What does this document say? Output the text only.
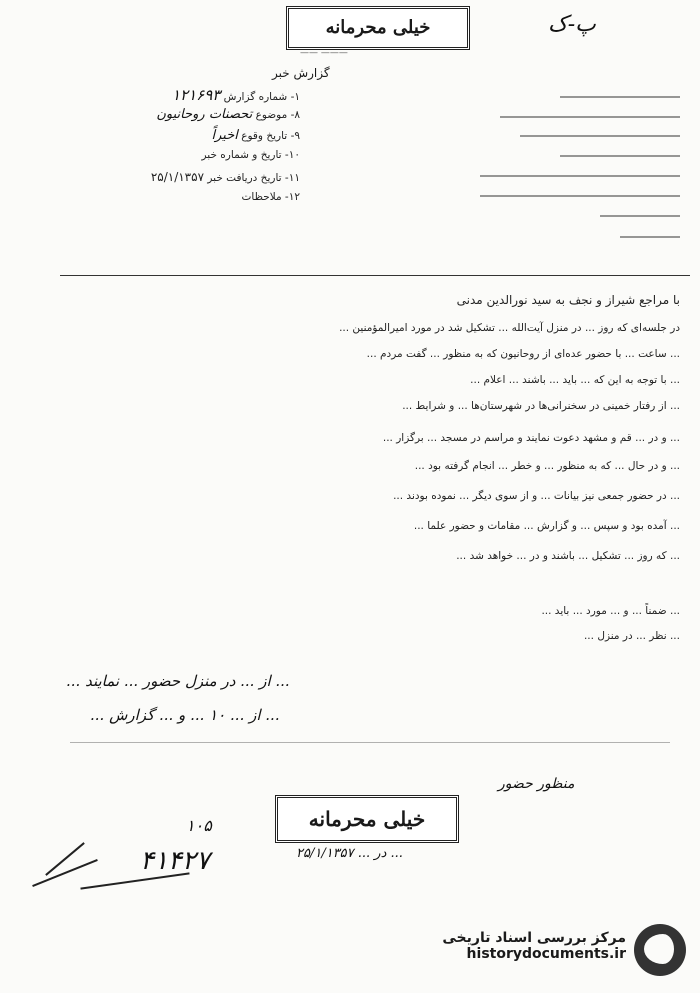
خیلی محرمانه	پ-ک
—— ———
گزارش خبر
۱- شماره گزارش ۱۲۱۶۹۳
۸- موضوع تحصنات روحانیون
۹- تاریخ وقوع اخیراً
۱۰- تاریخ و شماره خبر
۱۱- تاریخ دریافت خبر ۲۵/۱/۱۳۵۷
۱۲- ملاحظات
با مراجع شیراز و نجف به سید نورالدین مدنی
در جلسه‌ای که روز ... در منزل آیت‌الله ... تشکیل شد در مورد امیرالمؤمنین ...
... ساعت ... با حضور عده‌ای از روحانیون که به منظور ... گفت مردم ...
... با توجه به این که ... باید ... باشند ... اعلام ...
... از رفتار خمینی در سخنرانی‌ها در شهرستان‌ها ... و شرایط ...
... و در ... قم و مشهد دعوت نمایند و مراسم در مسجد ... برگزار ...
... و در حال ... که به منظور ... و خطر ... انجام گرفته بود ...
... در حضور جمعی نیز بیانات ... و از سوی دیگر ... نموده بودند ...
... آمده بود و سپس ... و گزارش ... مقامات و حضور علما ...
... که روز ... تشکیل ... باشند و در ... خواهد شد ...
... ضمناً ... و ... مورد ... باید ...
... نظر ... در منزل ...
... از ... در منزل حضور ... نمایند ...
... از ... ۱۰ ... و ... گزارش ...
منظور حضور
خیلی محرمانه
۱۰۵
۴۱۴۲۷	... در ... ۲۵/۱/۱۳۵۷
مرکز بررسی اسناد تاریخی
historydocuments.ir
